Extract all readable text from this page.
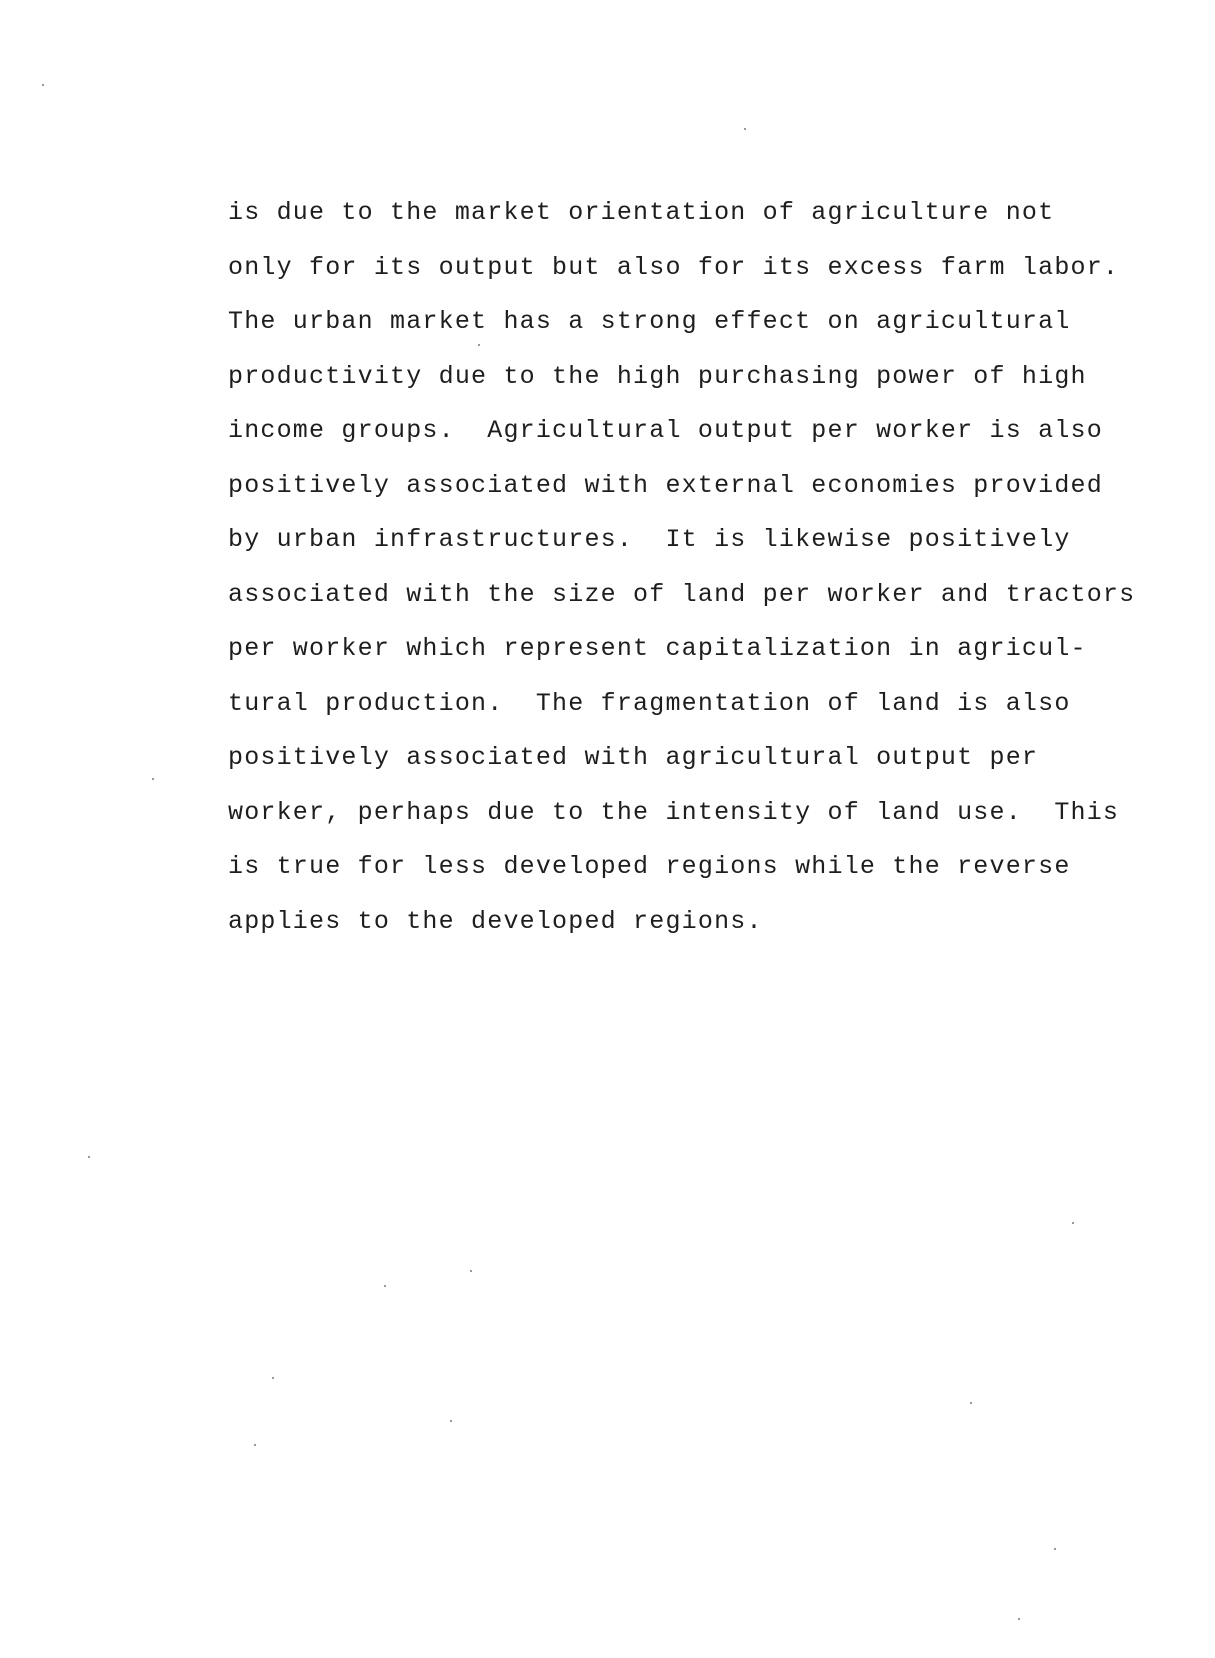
is due to the market orientation of agriculture not
only for its output but also for its excess farm labor.
The urban market has a strong effect on agricultural
productivity due to the high purchasing power of high
income groups.  Agricultural output per worker is also
positively associated with external economies provided
by urban infrastructures.  It is likewise positively
associated with the size of land per worker and tractors
per worker which represent capitalization in agricul-
tural production.  The fragmentation of land is also
positively associated with agricultural output per
worker, perhaps due to the intensity of land use.  This
is true for less developed regions while the reverse
applies to the developed regions.
